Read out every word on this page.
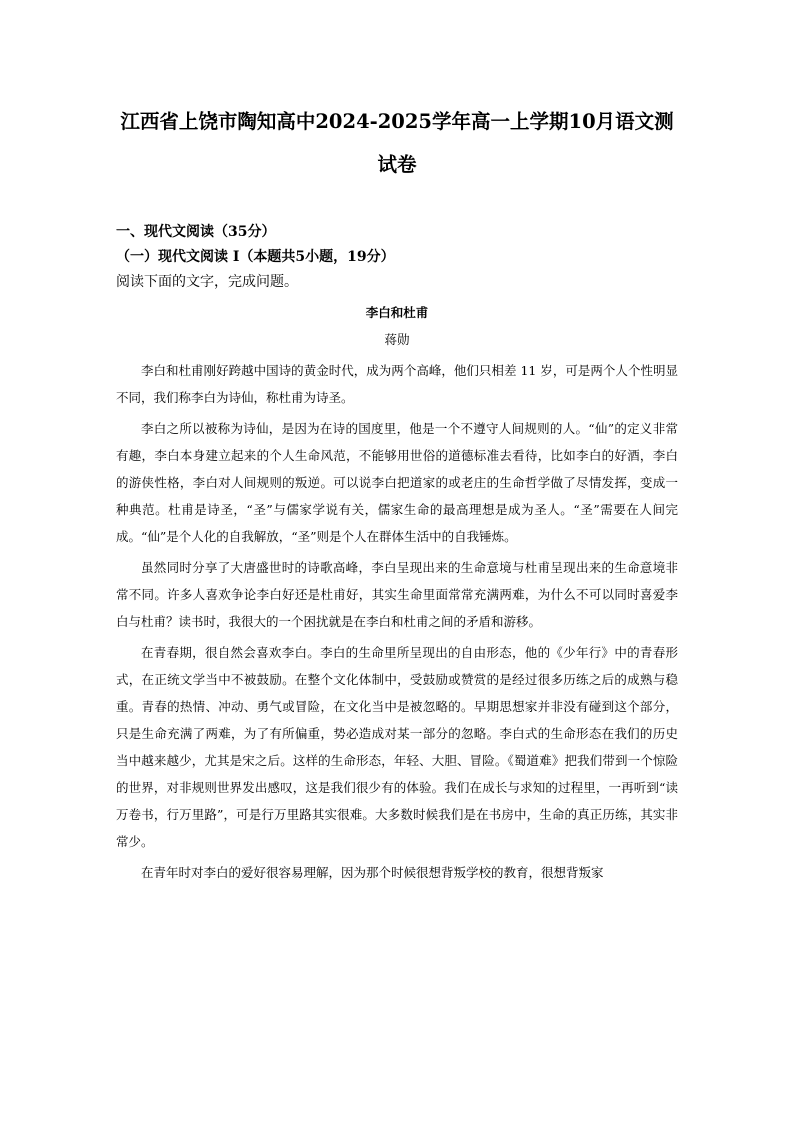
江西省上饶市陶知高中2024-2025学年高一上学期10月语文测
试卷

一、现代文阅读（35分）

（一）现代文阅读 I（本题共5小题，19分）

阅读下面的文字，完成问题。

李白和杜甫

蒋勋

李白和杜甫刚好跨越中国诗的黄金时代，成为两个高峰，他们只相差 11 岁，可是两个人个性明显不同，我们称李白为诗仙，称杜甫为诗圣。

李白之所以被称为诗仙，是因为在诗的国度里，他是一个不遵守人间规则的人。“仙”的定义非常有趣，李白本身建立起来的个人生命风范，不能够用世俗的道德标准去看待，比如李白的好酒，李白的游侠性格，李白对人间规则的叛逆。可以说李白把道家的或老庄的生命哲学做了尽情发挥，变成一种典范。杜甫是诗圣，“圣”与儒家学说有关，儒家生命的最高理想是成为圣人。“圣”需要在人间完成。“仙”是个人化的自我解放，“圣”则是个人在群体生活中的自我锤炼。

虽然同时分享了大唐盛世时的诗歌高峰，李白呈现出来的生命意境与杜甫呈现出来的生命意境非常不同。许多人喜欢争论李白好还是杜甫好，其实生命里面常常充满两难，为什么不可以同时喜爱李白与杜甫？读书时，我很大的一个困扰就是在李白和杜甫之间的矛盾和游移。

在青春期，很自然会喜欢李白。李白的生命里所呈现出的自由形态，他的《少年行》中的青春形式，在正统文学当中不被鼓励。在整个文化体制中，受鼓励或赞赏的是经过很多历练之后的成熟与稳重。青春的热情、冲动、勇气或冒险，在文化当中是被忽略的。早期思想家并非没有碰到这个部分，只是生命充满了两难，为了有所偏重，势必造成对某一部分的忽略。李白式的生命形态在我们的历史当中越来越少，尤其是宋之后。这样的生命形态，年轻、大胆、冒险。《蜀道难》把我们带到一个惊险的世界，对非规则世界发出感叹，这是我们很少有的体验。我们在成长与求知的过程里，一再听到“读万卷书，行万里路”，可是行万里路其实很难。大多数时候我们是在书房中，生命的真正历练，其实非常少。

在青年时对李白的爱好很容易理解，因为那个时候很想背叛学校的教育，很想背叛家
